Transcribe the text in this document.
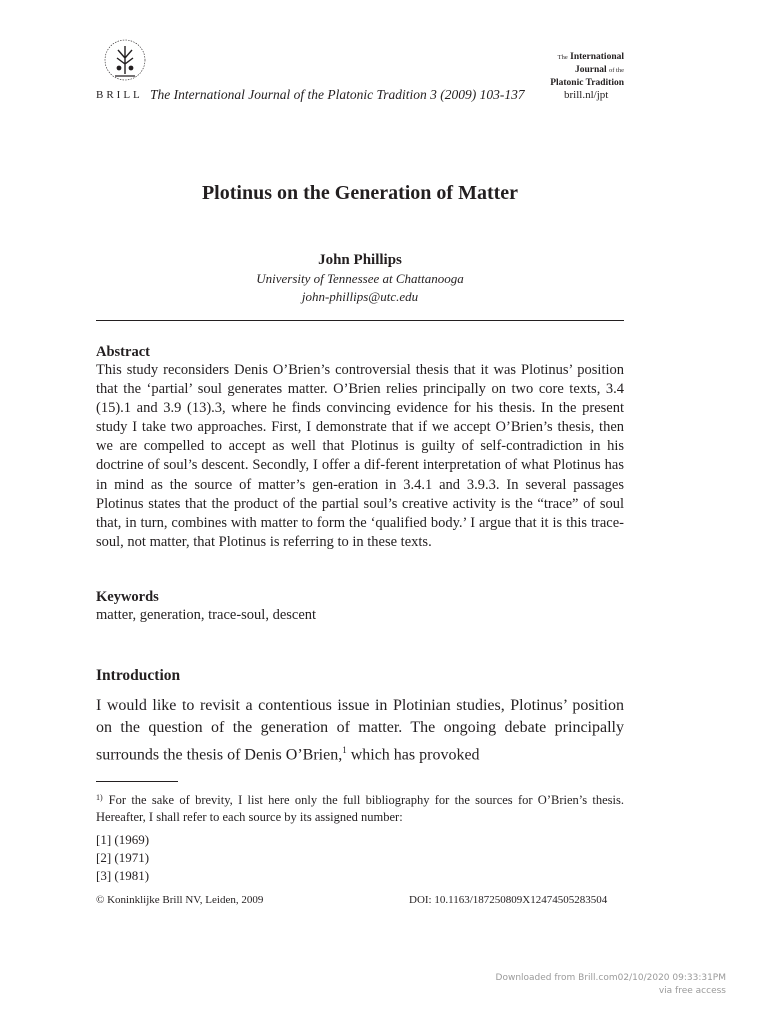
BRILL The International Journal of the Platonic Tradition 3 (2009) 103-137	brill.nl/jpt
The International
Journal of the
Platonic Tradition
Plotinus on the Generation of Matter
John Phillips
University of Tennessee at Chattanooga
john-phillips@utc.edu
Abstract
This study reconsiders Denis O’Brien’s controversial thesis that it was Plotinus’ position that the ‘partial’ soul generates matter. O’Brien relies principally on two core texts, 3.4 (15).1 and 3.9 (13).3, where he finds convincing evidence for his thesis. In the present study I take two approaches. First, I demonstrate that if we accept O’Brien’s thesis, then we are compelled to accept as well that Plotinus is guilty of self-contradiction in his doctrine of soul’s descent. Secondly, I offer a dif-ferent interpretation of what Plotinus has in mind as the source of matter’s gen-eration in 3.4.1 and 3.9.3. In several passages Plotinus states that the product of the partial soul’s creative activity is the “trace” of soul that, in turn, combines with matter to form the ‘qualified body.’ I argue that it is this trace-soul, not matter, that Plotinus is referring to in these texts.
Keywords
matter, generation, trace-soul, descent
Introduction
I would like to revisit a contentious issue in Plotinian studies, Plotinus’ position on the question of the generation of matter. The ongoing debate principally surrounds the thesis of Denis O’Brien,$^1$ which has provoked
$^{1)}$ For the sake of brevity, I list here only the full bibliography for the sources for O’Brien’s thesis. Hereafter, I shall refer to each source by its assigned number:
[1] (1969)
[2] (1971)
[3] (1981)
© Koninklijke Brill NV, Leiden, 2009	DOI: 10.1163/187250809X12474505283504
Downloaded from Brill.com02/10/2020 09:33:31PM
via free access
